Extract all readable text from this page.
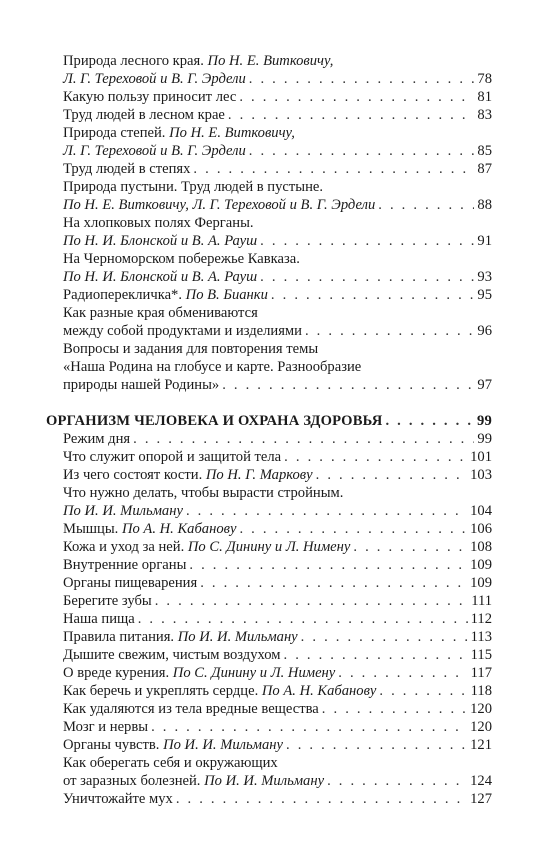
Природа лесного края. По Н. Е. Витковичу,
Л. Г. Тереховой и В. Г. Эрдели . . .	78
Какую пользу приносит лес . . .	81
Труд людей в лесном крае . . .	83
Природа степей. По Н. Е. Витковичу,
Л. Г. Тереховой и В. Г. Эрдели . . .	85
Труд людей в степях . . .	87
Природа пустыни. Труд людей в пустыне.
По Н. Е. Витковичу, Л. Г. Тереховой и В. Г. Эрдели . . .	88
На хлопковых полях Ферганы.
По Н. И. Блонской и В. А. Рауш . . .	91
На Черноморском побережье Кавказа.
По Н. И. Блонской и В. А. Рауш . . .	93
Радиоперекличка*. По В. Бианки . . .	95
Как разные края обмениваются
между собой продуктами и изделиями . . .	96
Вопросы и задания для повторения темы
«Наша Родина на глобусе и карте. Разнообразие
природы нашей Родины» . . .	97
ОРГАНИЗМ ЧЕЛОВЕКА И ОХРАНА ЗДОРОВЬЯ . . .	99
Режим дня . . .	99
Что служит опорой и защитой тела . . .	101
Из чего состоят кости. По Н. Г. Маркову . . .	103
Что нужно делать, чтобы вырасти стройным.
По И. И. Мильману . . .	104
Мышцы. По А. Н. Кабанову . . .	106
Кожа и уход за ней. По С. Динину и Л. Нимену . . .	108
Внутренние органы . . .	109
Органы пищеварения . . .	109
Берегите зубы . . .	111
Наша пища . . .	112
Правила питания. По И. И. Мильману . . .	113
Дышите свежим, чистым воздухом . . .	115
О вреде курения. По С. Динину и Л. Нимену . . .	117
Как беречь и укреплять сердце. По А. Н. Кабанову . . .	118
Как удаляются из тела вредные вещества . . .	120
Мозг и нервы . . .	120
Органы чувств. По И. И. Мильману . . .	121
Как оберегать себя и окружающих
от заразных болезней. По И. И. Мильману . . .	124
Уничтожайте мух . . .	127
